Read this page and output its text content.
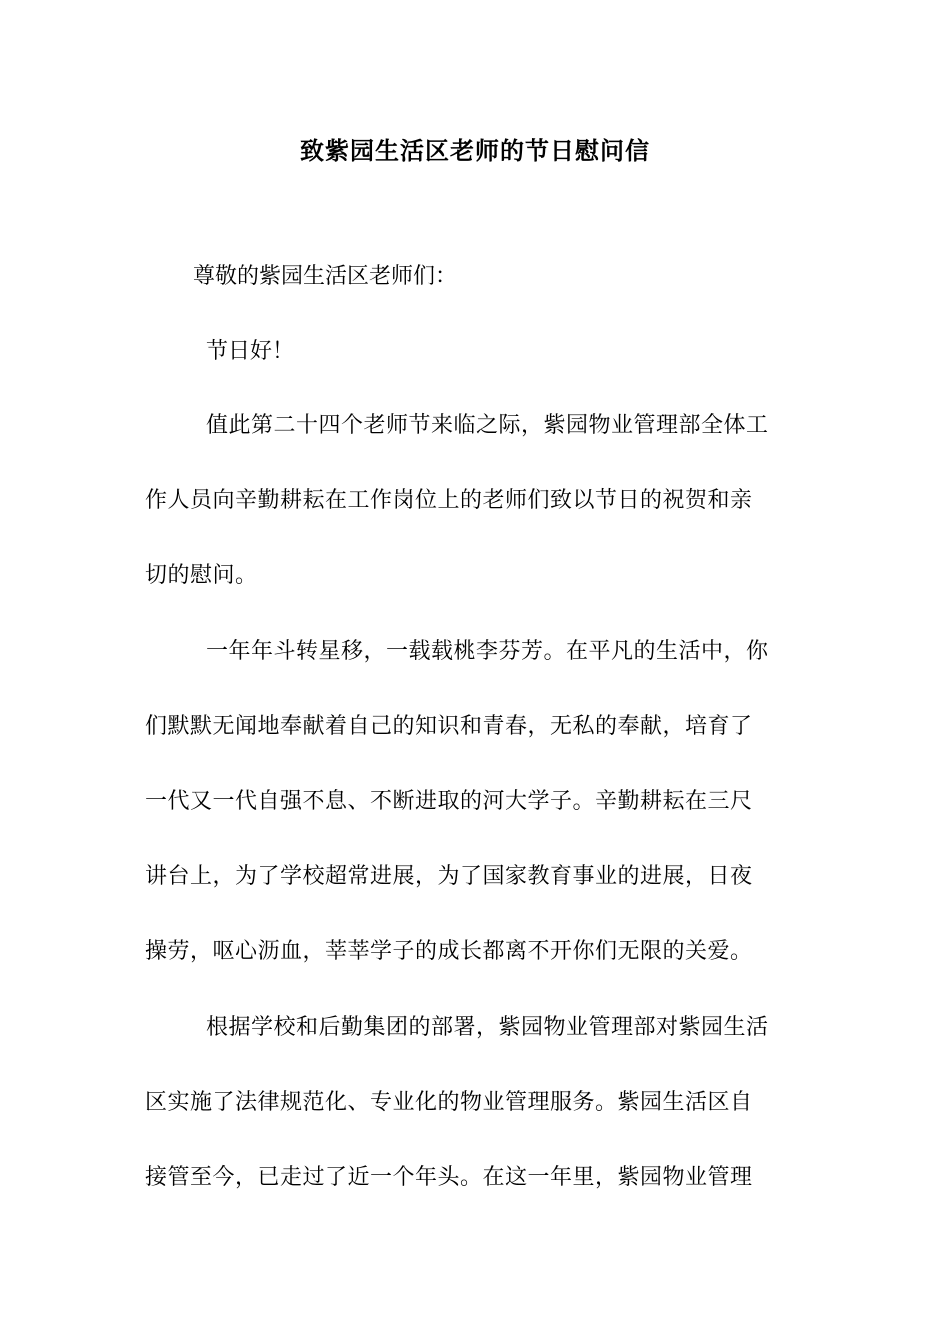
致紫园生活区老师的节日慰问信
尊敬的紫园生活区老师们：
节日好！
值此第二十四个老师节来临之际，紫园物业管理部全体工
作人员向辛勤耕耘在工作岗位上的老师们致以节日的祝贺和亲
切的慰问。
一年年斗转星移，一载载桃李芬芳。在平凡的生活中，你
们默默无闻地奉献着自己的知识和青春，无私的奉献，培育了
一代又一代自强不息、不断进取的河大学子。辛勤耕耘在三尺
讲台上，为了学校超常进展，为了国家教育事业的进展，日夜
操劳，呕心沥血，莘莘学子的成长都离不开你们无限的关爱。
根据学校和后勤集团的部署，紫园物业管理部对紫园生活
区实施了法律规范化、专业化的物业管理服务。紫园生活区自
接管至今，已走过了近一个年头。在这一年里，紫园物业管理
